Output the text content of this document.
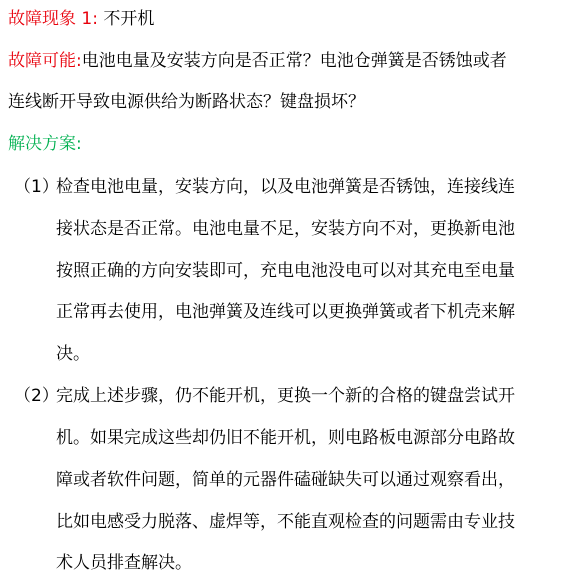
故障现象 1: 不开机
故障可能:电池电量及安装方向是否正常？电池仓弹簧是否锈蚀或者
连线断开导致电源供给为断路状态？键盘损坏？
解决方案:
（1）
检查电池电量，安装方向，以及电池弹簧是否锈蚀，连接线连
接状态是否正常。电池电量不足，安装方向不对，更换新电池
按照正确的方向安装即可，充电电池没电可以对其充电至电量
正常再去使用，电池弹簧及连线可以更换弹簧或者下机壳来解
决。
（2）
完成上述步骤，仍不能开机，更换一个新的合格的键盘尝试开
机。如果完成这些却仍旧不能开机，则电路板电源部分电路故
障或者软件问题，简单的元器件磕碰缺失可以通过观察看出，
比如电感受力脱落、虚焊等，不能直观检查的问题需由专业技
术人员排查解决。
